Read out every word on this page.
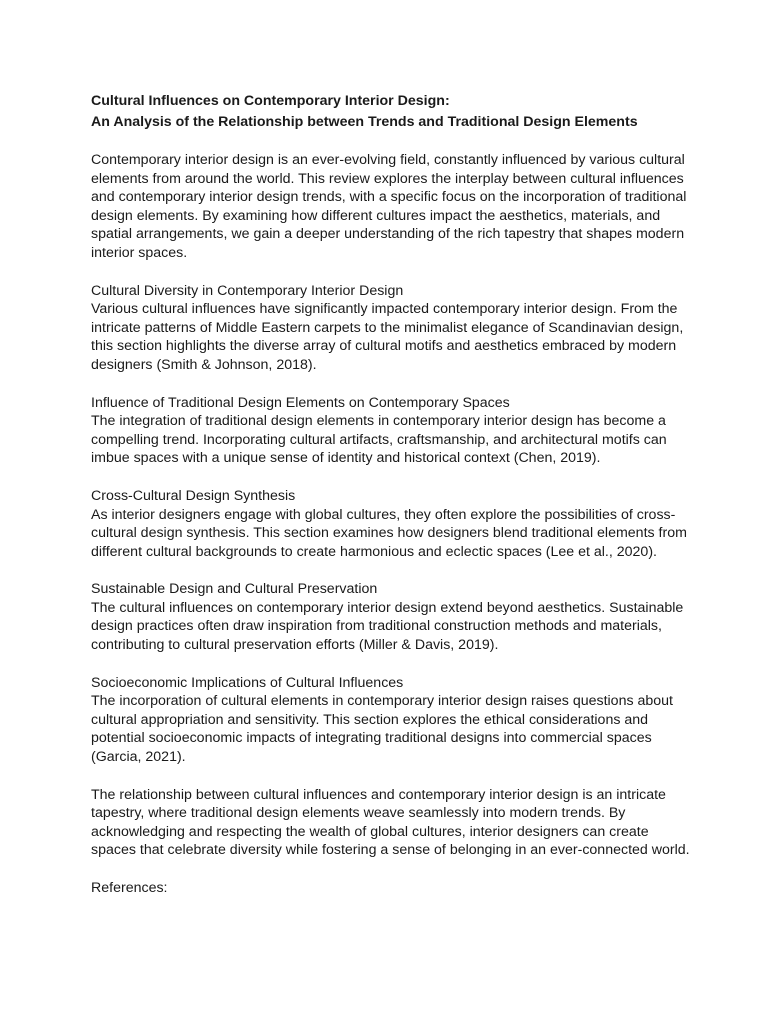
Cultural Influences on Contemporary Interior Design:
An Analysis of the Relationship between Trends and Traditional Design Elements

Contemporary interior design is an ever-evolving field, constantly influenced by various cultural elements from around the world. This review explores the interplay between cultural influences and contemporary interior design trends, with a specific focus on the incorporation of traditional design elements. By examining how different cultures impact the aesthetics, materials, and spatial arrangements, we gain a deeper understanding of the rich tapestry that shapes modern interior spaces.

Cultural Diversity in Contemporary Interior Design

Various cultural influences have significantly impacted contemporary interior design. From the intricate patterns of Middle Eastern carpets to the minimalist elegance of Scandinavian design, this section highlights the diverse array of cultural motifs and aesthetics embraced by modern designers (Smith & Johnson, 2018).

Influence of Traditional Design Elements on Contemporary Spaces

The integration of traditional design elements in contemporary interior design has become a compelling trend. Incorporating cultural artifacts, craftsmanship, and architectural motifs can imbue spaces with a unique sense of identity and historical context (Chen, 2019).

Cross-Cultural Design Synthesis

As interior designers engage with global cultures, they often explore the possibilities of cross-cultural design synthesis. This section examines how designers blend traditional elements from different cultural backgrounds to create harmonious and eclectic spaces (Lee et al., 2020).

Sustainable Design and Cultural Preservation

The cultural influences on contemporary interior design extend beyond aesthetics. Sustainable design practices often draw inspiration from traditional construction methods and materials, contributing to cultural preservation efforts (Miller & Davis, 2019).

Socioeconomic Implications of Cultural Influences

The incorporation of cultural elements in contemporary interior design raises questions about cultural appropriation and sensitivity. This section explores the ethical considerations and potential socioeconomic impacts of integrating traditional designs into commercial spaces (Garcia, 2021).

The relationship between cultural influences and contemporary interior design is an intricate tapestry, where traditional design elements weave seamlessly into modern trends. By acknowledging and respecting the wealth of global cultures, interior designers can create spaces that celebrate diversity while fostering a sense of belonging in an ever-connected world.

References:
